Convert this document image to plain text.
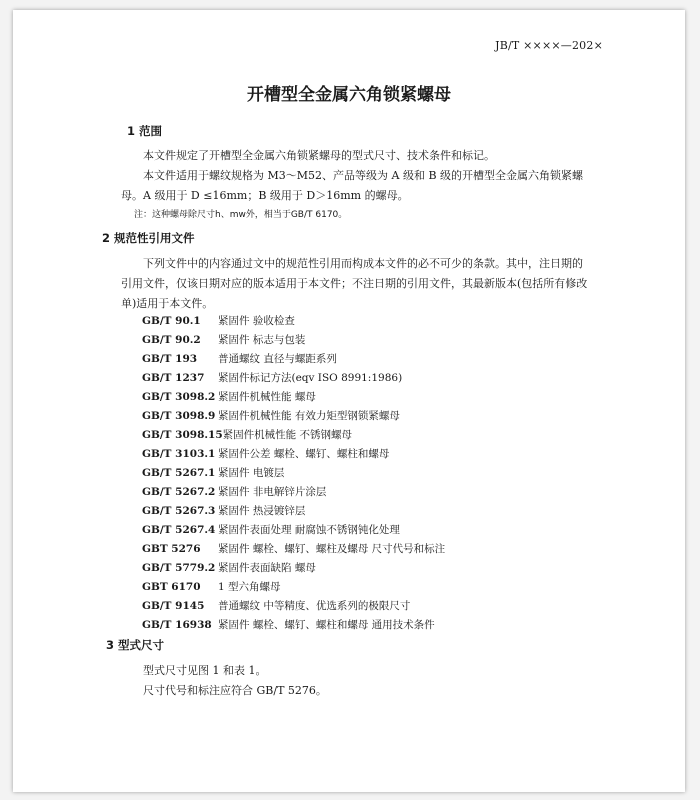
JB/T ××××—202×
开槽型全金属六角锁紧螺母
1 范围
本文件规定了开槽型全金属六角锁紧螺母的型式尺寸、技术条件和标记。
本文件适用于螺纹规格为 M3～M52、产品等级为 A 级和 B 级的开槽型全金属六角锁紧螺母。A 级用于 D ≤16mm；B 级用于 D＞16mm 的螺母。
注：这种螺母除尺寸h、mw外，相当于GB/T 6170。
2 规范性引用文件
下列文件中的内容通过文中的规范性引用而构成本文件的必不可少的条款。其中，注日期的引用文件，仅该日期对应的版本适用于本文件；不注日期的引用文件，其最新版本(包括所有修改单)适用于本文件。
GB/T 90.1 紧固件 验收检查
GB/T 90.2 紧固件 标志与包装
GB/T 193 普通螺纹 直径与螺距系列
GB/T 1237 紧固件标记方法(eqv ISO 8991:1986)
GB/T 3098.2 紧固件机械性能 螺母
GB/T 3098.9 紧固件机械性能 有效力矩型钢锁紧螺母
GB/T 3098.15紧固件机械性能 不锈钢螺母
GB/T 3103.1 紧固件公差 螺栓、螺钉、螺柱和螺母
GB/T 5267.1 紧固件 电镀层
GB/T 5267.2 紧固件 非电解锌片涂层
GB/T 5267.3 紧固件 热浸镀锌层
GB/T 5267.4 紧固件表面处理 耐腐蚀不锈钢钝化处理
GBT 5276 紧固件 螺栓、螺钉、螺柱及螺母 尺寸代号和标注
GB/T 5779.2 紧固件表面缺陷 螺母
GBT 6170 1 型六角螺母
GB/T 9145 普通螺纹 中等精度、优选系列的极限尺寸
GB/T 16938 紧固件 螺栓、螺钉、螺柱和螺母 通用技术条件
3 型式尺寸
型式尺寸见图 1 和表 1。
尺寸代号和标注应符合 GB/T 5276。
